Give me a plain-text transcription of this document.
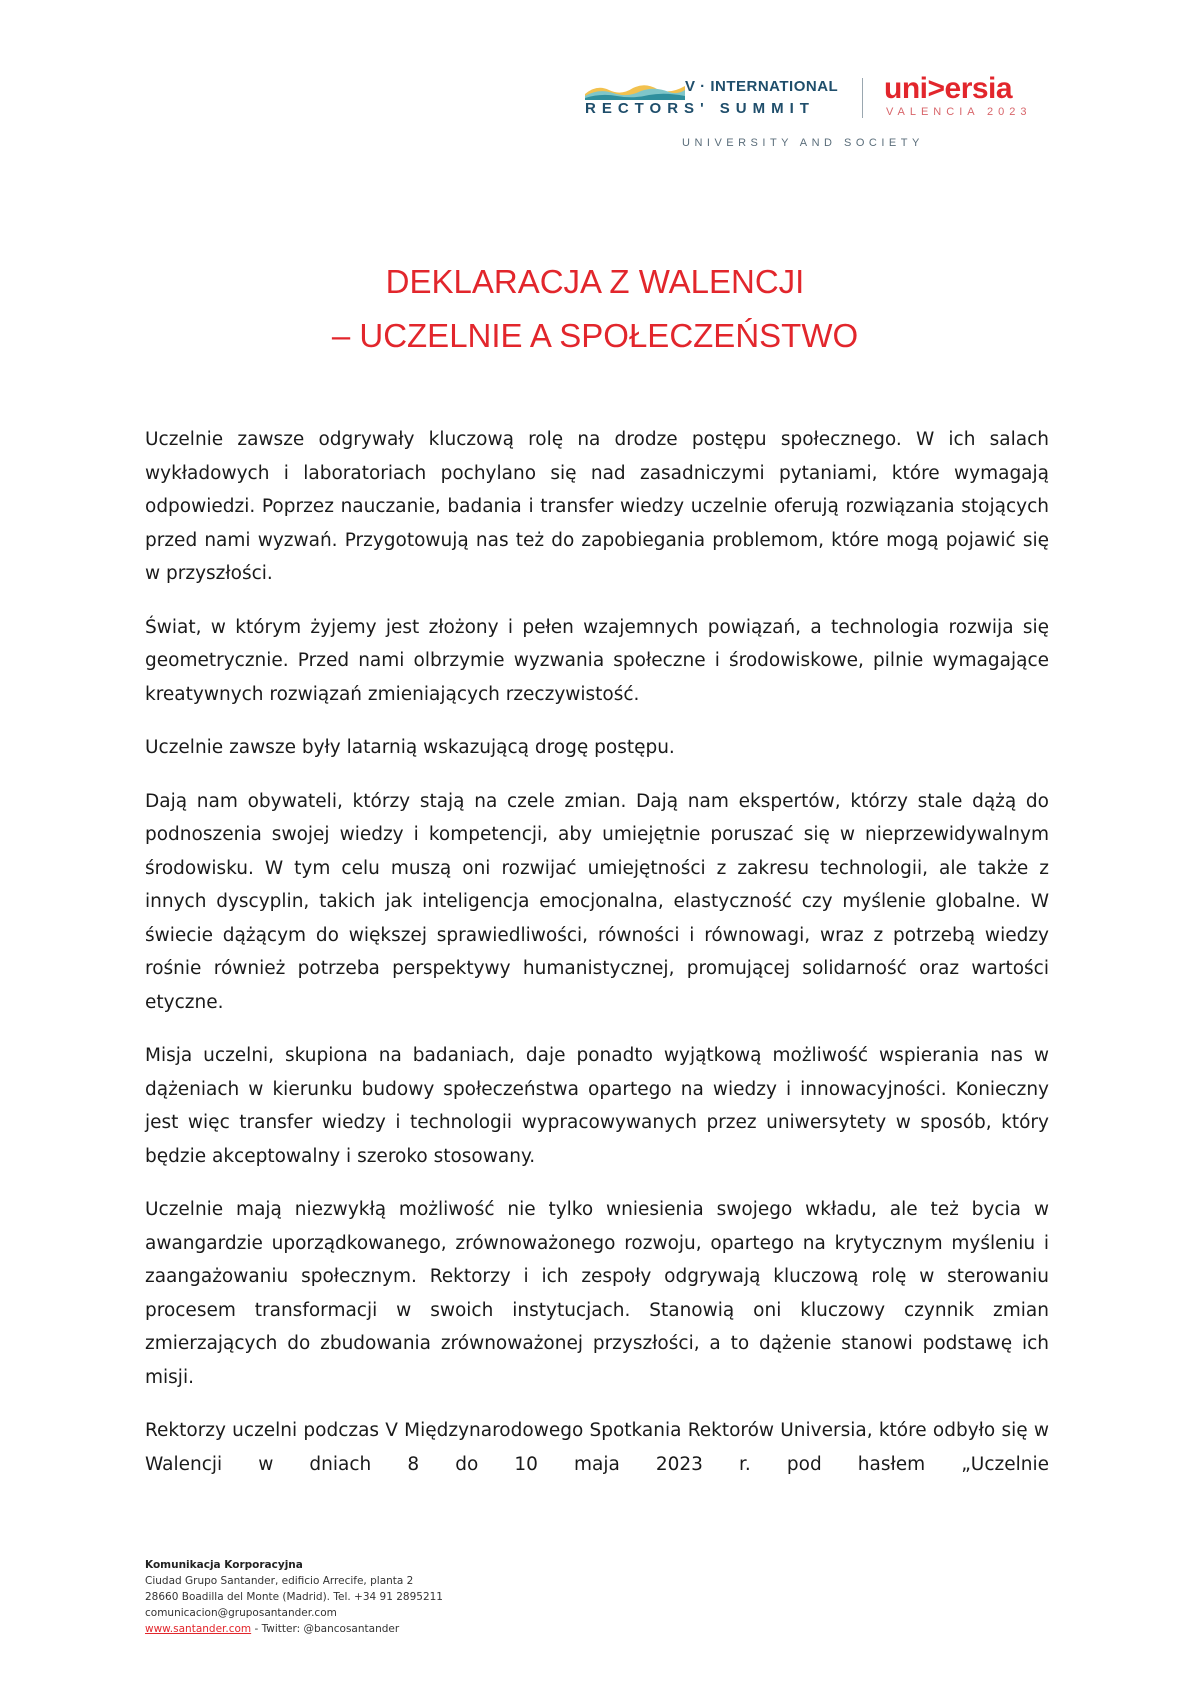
V · INTERNATIONAL
RECTORS' SUMMIT
uni>ersia
VALENCIA 2023
UNIVERSITY AND SOCIETY
DEKLARACJA Z WALENCJI
– UCZELNIE A SPOŁECZEŃSTWO

Uczelnie zawsze odgrywały kluczową rolę na drodze postępu społecznego. W ich salach wykładowych i laboratoriach pochylano się nad zasadniczymi pytaniami, które wymagają odpowiedzi. Poprzez nauczanie, badania i transfer wiedzy uczelnie oferują rozwiązania stojących przed nami wyzwań. Przygotowują nas też do zapobiegania problemom, które mogą pojawić się w przyszłości.

Świat, w którym żyjemy jest złożony i pełen wzajemnych powiązań, a technologia rozwija się geometrycznie. Przed nami olbrzymie wyzwania społeczne i środowiskowe, pilnie wymagające kreatywnych rozwiązań zmieniających rzeczywistość.

Uczelnie zawsze były latarnią wskazującą drogę postępu.

Dają nam obywateli, którzy stają na czele zmian. Dają nam ekspertów, którzy stale dążą do podnoszenia swojej wiedzy i kompetencji, aby umiejętnie poruszać się w nieprzewidywalnym środowisku. W tym celu muszą oni rozwijać umiejętności z zakresu technologii, ale także z innych dyscyplin, takich jak inteligencja emocjonalna, elastyczność czy myślenie globalne. W świecie dążącym do większej sprawiedliwości, równości i równowagi, wraz z potrzebą wiedzy rośnie również potrzeba perspektywy humanistycznej, promującej solidarność oraz wartości etyczne.

Misja uczelni, skupiona na badaniach, daje ponadto wyjątkową możliwość wspierania nas w dążeniach w kierunku budowy społeczeństwa opartego na wiedzy i innowacyjności. Konieczny jest więc transfer wiedzy i technologii wypracowywanych przez uniwersytety w sposób, który będzie akceptowalny i szeroko stosowany.

Uczelnie mają niezwykłą możliwość nie tylko wniesienia swojego wkładu, ale też bycia w awangardzie uporządkowanego, zrównoważonego rozwoju, opartego na krytycznym myśleniu i zaangażowaniu społecznym. Rektorzy i ich zespoły odgrywają kluczową rolę w sterowaniu procesem transformacji w swoich instytucjach. Stanowią oni kluczowy czynnik zmian zmierzających do zbudowania zrównoważonej przyszłości, a to dążenie stanowi podstawę ich misji.

Rektorzy uczelni podczas V Międzynarodowego Spotkania Rektorów Universia, które odbyło się w Walencji w dniach 8 do 10 maja 2023 r. pod hasłem „Uczelnie

Komunikacja Korporacyjna
Ciudad Grupo Santander, edificio Arrecife, planta 2
28660 Boadilla del Monte (Madrid). Tel. +34 91 2895211
comunicacion@gruposantander.com
www.santander.com - Twitter: @bancosantander
